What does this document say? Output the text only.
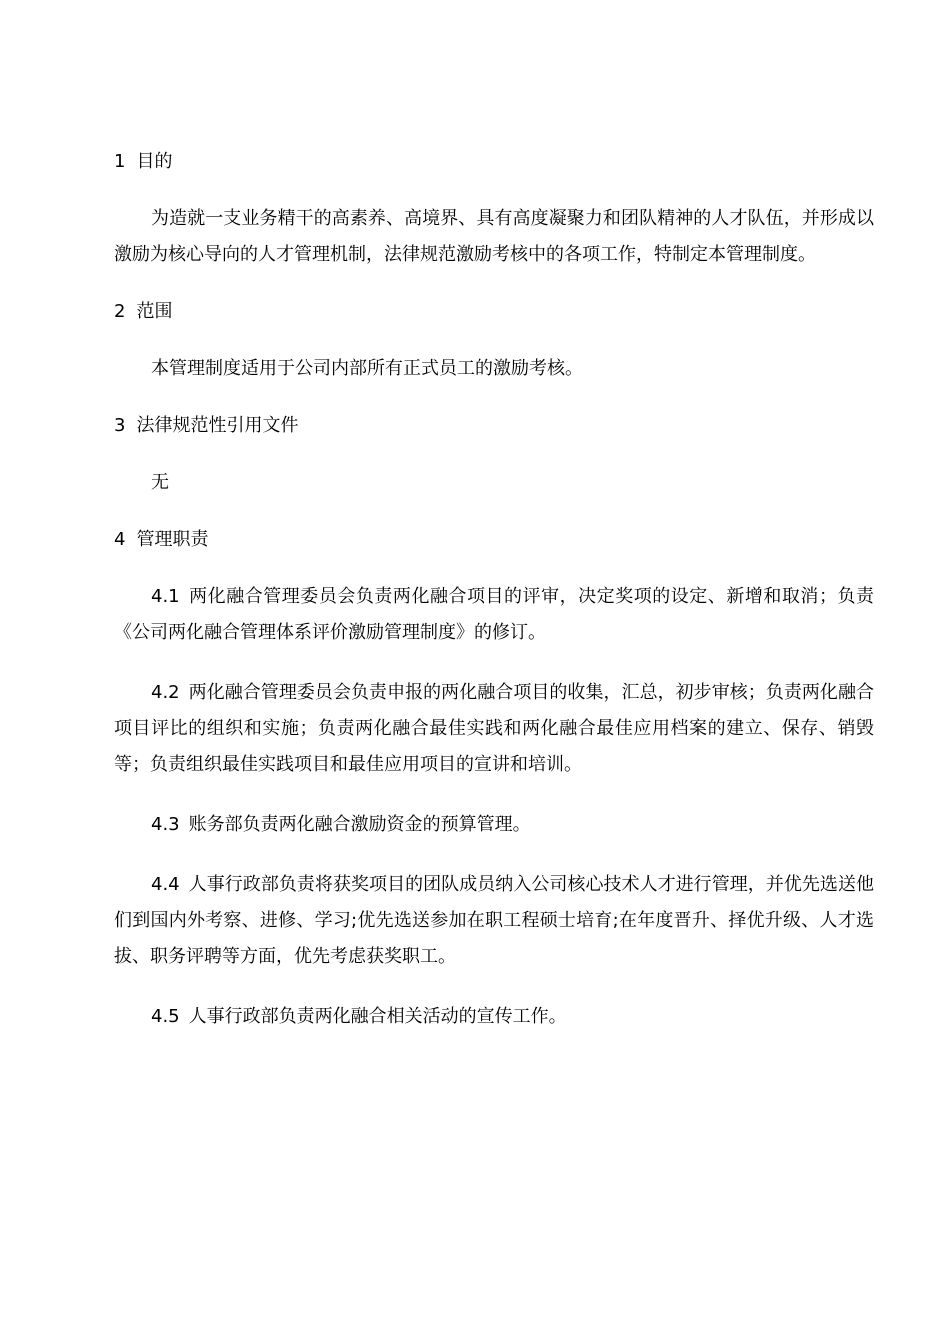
1 目的

为造就一支业务精干的高素养、高境界、具有高度凝聚力和团队精神的人才队伍，并形成以激励为核心导向的人才管理机制，法律规范激励考核中的各项工作，特制定本管理制度。

2 范围

本管理制度适用于公司内部所有正式员工的激励考核。

3 法律规范性引用文件

无

4 管理职责

4.1 两化融合管理委员会负责两化融合项目的评审，决定奖项的设定、新增和取消；负责《公司两化融合管理体系评价激励管理制度》的修订。

4.2 两化融合管理委员会负责申报的两化融合项目的收集，汇总，初步审核；负责两化融合项目评比的组织和实施；负责两化融合最佳实践和两化融合最佳应用档案的建立、保存、销毁等；负责组织最佳实践项目和最佳应用项目的宣讲和培训。

4.3 账务部负责两化融合激励资金的预算管理。

4.4 人事行政部负责将获奖项目的团队成员纳入公司核心技术人才进行管理，并优先选送他们到国内外考察、进修、学习;优先选送参加在职工程硕士培育;在年度晋升、择优升级、人才选拔、职务评聘等方面，优先考虑获奖职工。

4.5 人事行政部负责两化融合相关活动的宣传工作。
